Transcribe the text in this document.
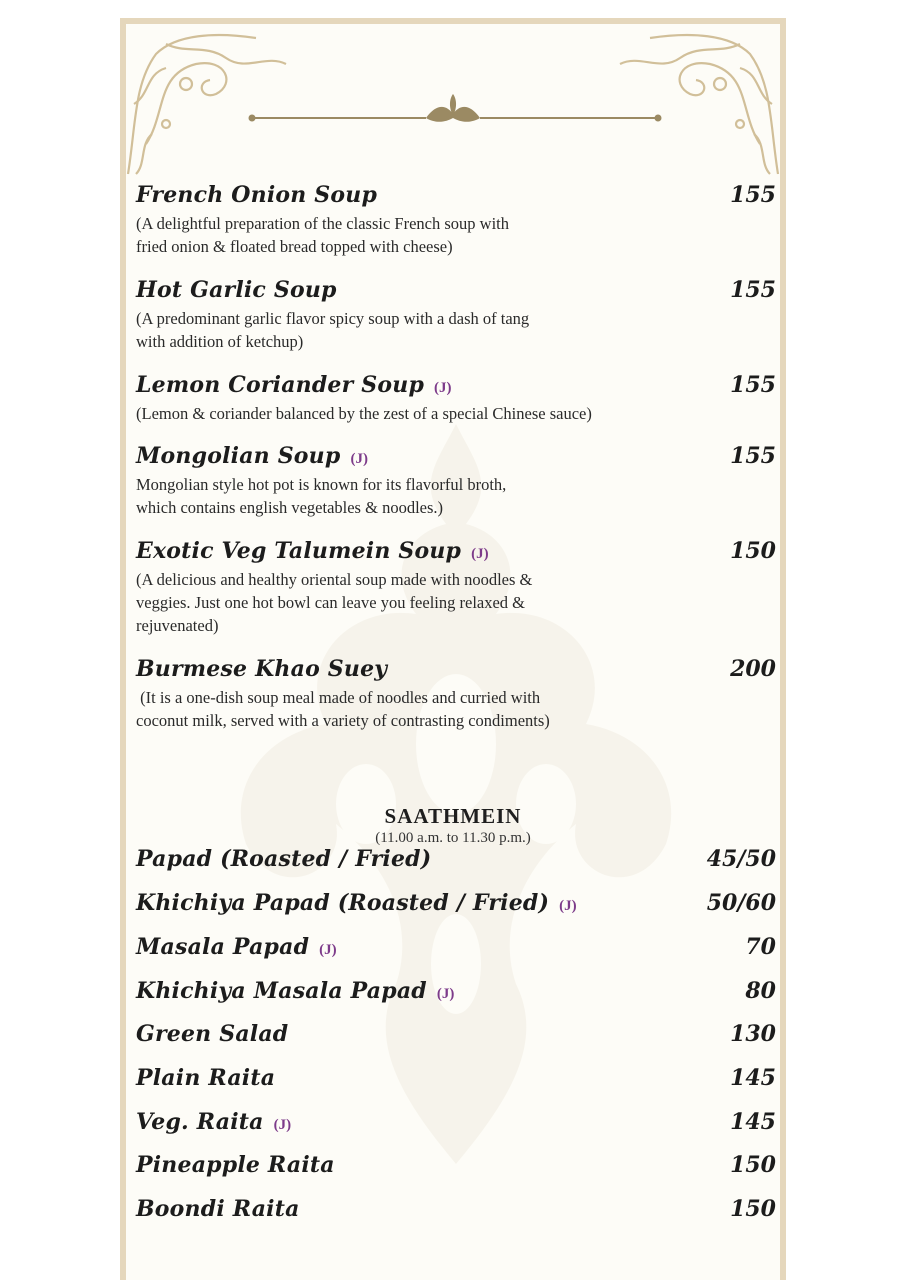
French Onion Soup	155
(A delightful preparation of the classic French soup with
fried onion & floated bread topped with cheese)
Hot Garlic Soup	155
(A predominant garlic flavor spicy soup with a dash of tang
with addition of ketchup)
Lemon Coriander Soup (J)	155
(Lemon & coriander balanced by the zest of a special Chinese sauce)
Mongolian Soup (J)	155
Mongolian style hot pot is known for its flavorful broth,
which contains english vegetables & noodles.)
Exotic Veg Talumein Soup (J)	150
(A delicious and healthy oriental soup made with noodles &
veggies. Just one hot bowl can leave you feeling relaxed &
rejuvenated)
Burmese Khao Suey	200
(It is a one-dish soup meal made of noodles and curried with
coconut milk, served with a variety of contrasting condiments)
SAATHMEIN
(11.00 a.m. to 11.30 p.m.)
Papad (Roasted / Fried)	45/50
Khichiya Papad (Roasted / Fried) (J)	50/60
Masala Papad (J)	70
Khichiya Masala Papad (J)	80
Green Salad	130
Plain Raita	145
Veg. Raita (J)	145
Pineapple Raita	150
Boondi Raita	150
